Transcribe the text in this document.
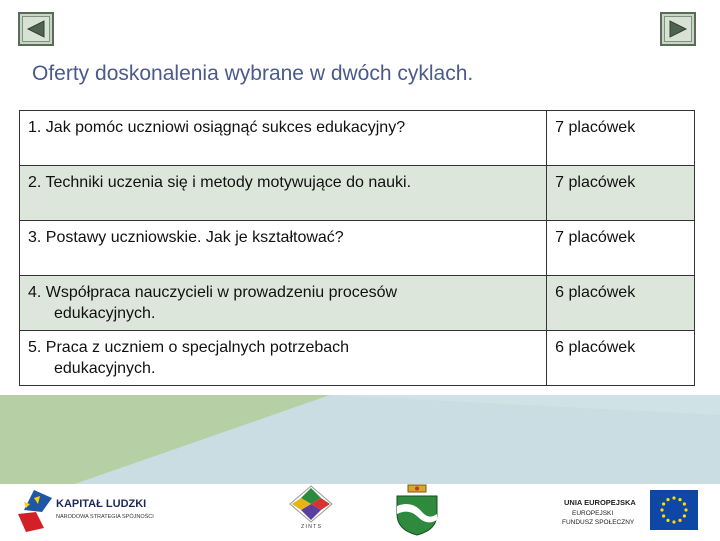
Oferty doskonalenia wybrane w dwóch cyklach.
1. Jak pomóc uczniowi osiągnąć sukces edukacyjny?	7 placówek
2. Techniki uczenia się i metody motywujące do nauki.	7 placówek
3. Postawy uczniowskie. Jak je kształtować?	7 placówek
4. Współpraca nauczycieli w prowadzeniu procesów
edukacyjnych.	6 placówek
5. Praca z uczniem o specjalnych potrzebach
edukacyjnych.	6 placówek
KAPITAŁ LUDZKI
NARODOWA STRATEGIA SPÓJNOŚCI
Z I N T S
UNIA EUROPEJSKA
EUROPEJSKI
FUNDUSZ SPOŁECZNY
